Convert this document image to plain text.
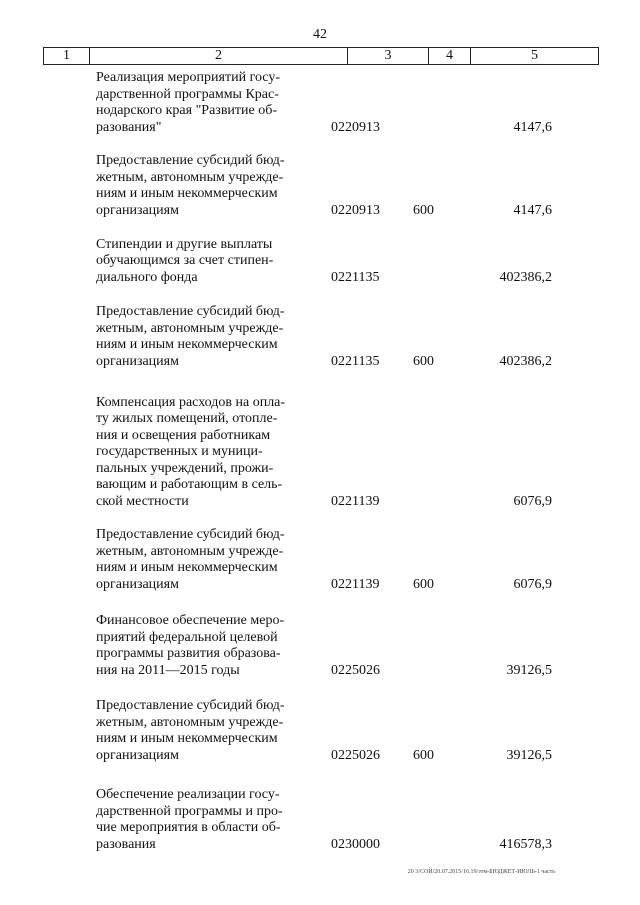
42
1	2	3	4	5
Реализация мероприятий госу-
дарственной программы Крас-
нодарского края "Развитие об-
разования"	0220913	4147,6
Предоставление субсидий бюд-
жетным, автономным учрежде-
ниям и иным некоммерческим
организациям	0220913 600	4147,6
Стипендии и другие выплаты
обучающимся за счет стипен-
диального фонда	0221135	402386,2
Предоставление субсидий бюд-
жетным, автономным учрежде-
ниям и иным некоммерческим
организациям	0221135 600	402386,2
Компенсация расходов на опла-
ту жилых помещений, отопле-
ния и освещения работникам
государственных и муници-
пальных учреждений, прожи-
вающим и работающим в сель-
ской местности	0221139	6076,9
Предоставление субсидий бюд-
жетным, автономным учрежде-
ниям и иным некоммерческим
организациям	0221139 600	6076,9
Финансовое обеспечение меро-
приятий федеральной целевой
программы развития образова-
ния на 2011—2015 годы	0225026	39126,5
Предоставление субсидий бюд-
жетным, автономным учрежде-
ниям и иным некоммерческим
организациям	0225026 600	39126,5
Обеспечение реализации госу-
дарственной программы и про-
чие мероприятия в области об-
разования	0230000	416578,3
20 3/СОЙ/20.07.2015/16.19/этм-БЮДЖЕТ-ИЮЛЬ-1 часть
